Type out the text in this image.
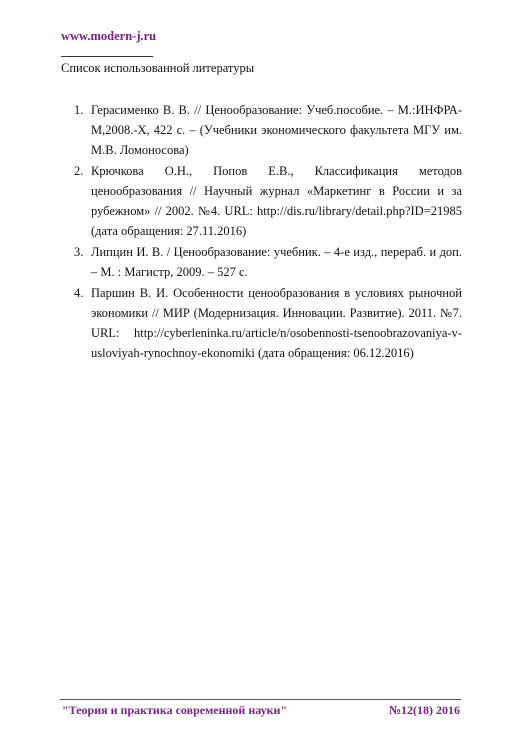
www.modern-j.ru
Список использованной литературы
1. Герасименко В. В. // Ценообразование: Учеб.пособие. – М.:ИНФРА-М,2008.-Х, 422 с. – (Учебники экономического факультета МГУ им. М.В. Ломоносова)
2. Крючкова О.Н., Попов Е.В., Классификация методов ценообразования // Научный журнал «Маркетинг в России и за рубежном» // 2002. №4. URL: http://dis.ru/library/detail.php?ID=21985 (дата обращения: 27.11.2016)
3. Липцин И. В. / Ценообразование: учебник. – 4-е изд., перераб. и доп. – М. : Магистр, 2009. – 527 с.
4. Паршин В. И. Особенности ценообразования в условиях рыночной экономики // МИР (Модернизация. Инновации. Развитие). 2011. №7. URL: http://cyberleninka.ru/article/n/osobennosti-tsenoobrazovaniya-v-usloviyah-rynochnoy-ekonomiki (дата обращения: 06.12.2016)
"Теория и практика современной науки"	№12(18) 2016
